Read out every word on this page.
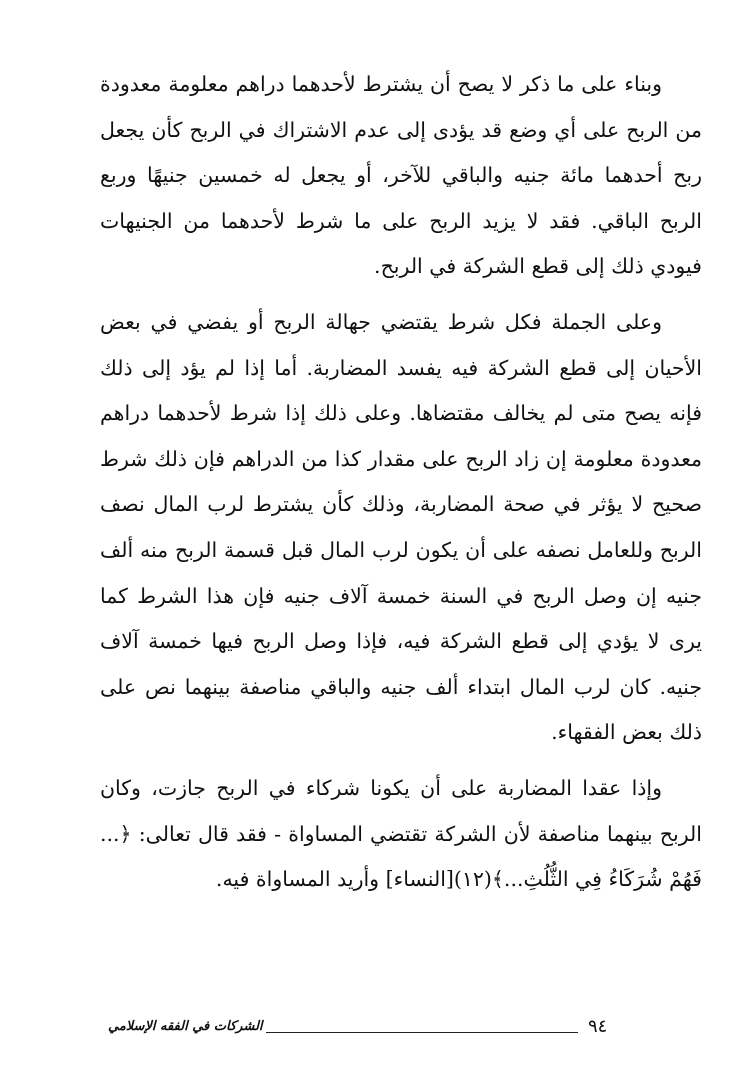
وبناء على ما ذكر لا يصح أن يشترط لأحدهما دراهم معلومة معدودة من الربح على أي وضع قد يؤدى إلى عدم الاشتراك في الربح كأن يجعل ربح أحدهما مائة جنيه والباقي للآخر، أو يجعل له خمسين جنيهًا وربع الربح الباقي. فقد لا يزيد الربح على ما شرط لأحدهما من الجنيهات فيودي ذلك إلى قطع الشركة في الربح.

وعلى الجملة فكل شرط يقتضي جهالة الربح أو يفضي في بعض الأحيان إلى قطع الشركة فيه يفسد المضاربة. أما إذا لم يؤد إلى ذلك فإنه يصح متى لم يخالف مقتضاها. وعلى ذلك إذا شرط لأحدهما دراهم معدودة معلومة إن زاد الربح على مقدار كذا من الدراهم فإن ذلك شرط صحيح لا يؤثر في صحة المضاربة، وذلك كأن يشترط لرب المال نصف الربح وللعامل نصفه على أن يكون لرب المال قبل قسمة الربح منه ألف جنيه إن وصل الربح في السنة خمسة آلاف جنيه فإن هذا الشرط كما يرى لا يؤدي إلى قطع الشركة فيه، فإذا وصل الربح فيها خمسة آلاف جنيه. كان لرب المال ابتداء ألف جنيه والباقي مناصفة بينهما نص على ذلك بعض الفقهاء.

وإذا عقدا المضاربة على أن يكونا شركاء في الربح جازت، وكان الربح بينهما مناصفة لأن الشركة تقتضي المساواة - فقد قال تعالى: ﴿... فَهُمْ شُرَكَاءُ فِي الثُّلُثِ...﴾(١٢)[النساء] وأريد المساواة فيه.

الشركات في الفقه الإسلامي	٩٤
